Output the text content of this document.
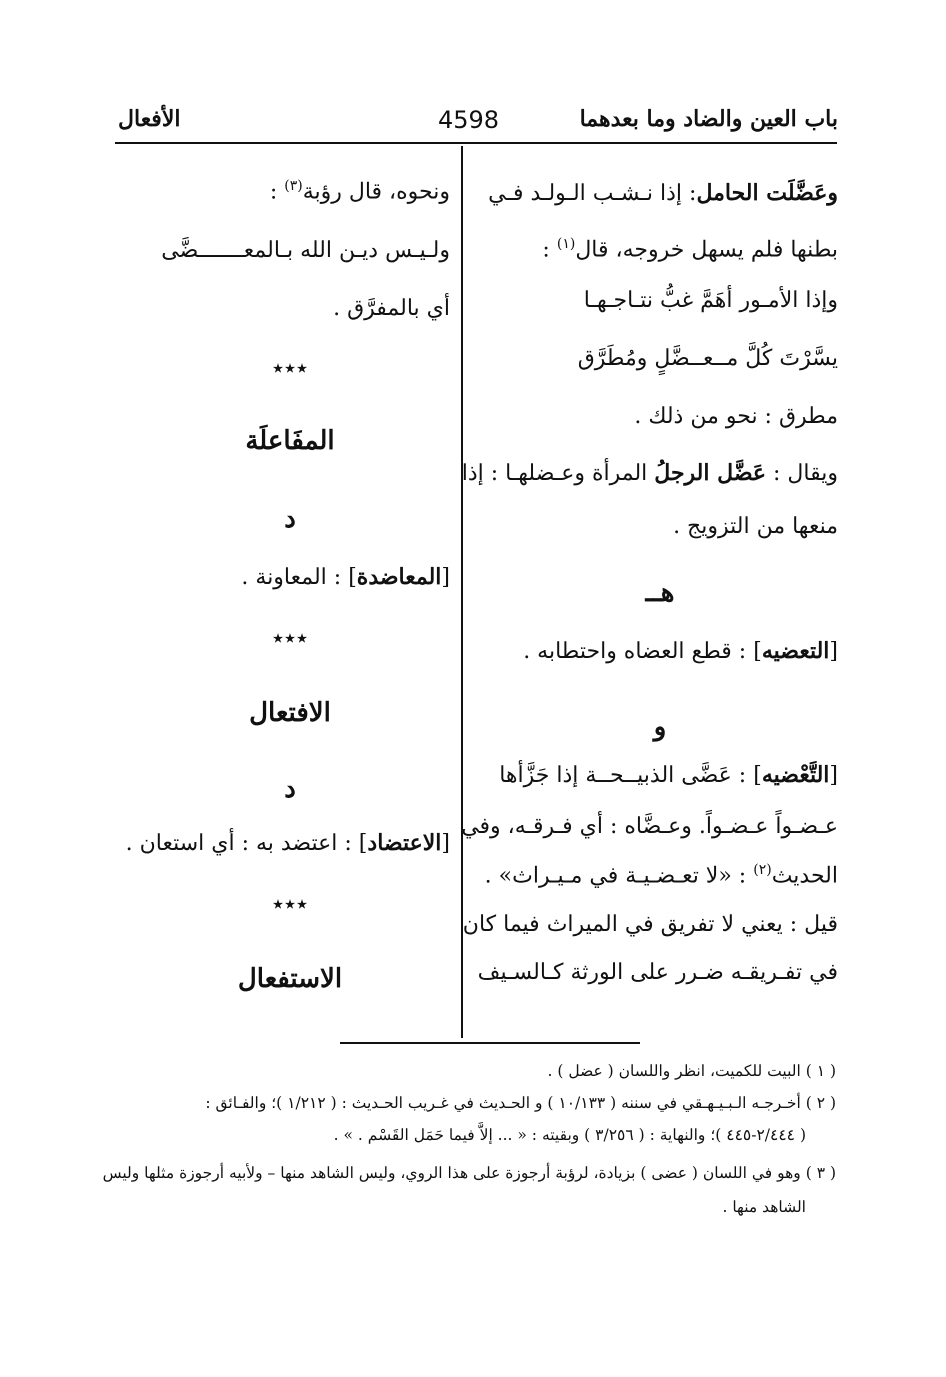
باب العين والضاد وما بعدهما
4598
الأفعال
وعَضَّلَت الحامل: إذا نـشـب الـولـد فـي
بطنها فلم يسهل خروجه، قال$^{(١)}$ :
وإذا الأمـور أهَمَّ غبُّ نتـاجـهـا
يسَّرْتَ كُلَّ مــعــضَّلٍ ومُطَرَّق
مطرق : نحو من ذلك .
ويقال : عَضَّل الرجلُ المرأة وعـضلهـا : إذا
منعها من التزويج .
هــ
[التعضيه] : قطع العضاه واحتطابه .
و
[التَّعْضيه] : عَضَّى الذبيــحــة إذا جَزَّأها
عـضـواً عـضـواً. وعـضَّاه : أي فـرقـه، وفي
الحديث$^{(٢)}$ : «لا تعـضـيـة في مـيـراث» .
قيل : يعني لا تفريق في الميراث فيما كان
في تفـريقـه ضـرر على الورثة كـالسـيف
ونحوه، قال رؤبة$^{(٣)}$ :
ولـيـس ديـن الله بـالمعـــــــضَّى
أي بالمفرَّق .
٭٭٭
المفَاعلَة
د
[المعاضدة] : المعاونة .
٭٭٭
الافتعال
د
[الاعتضاد] : اعتضد به : أي استعان .
٭٭٭
الاستفعال
( ١ ) البيت للكميت، انظر واللسان ( عضل ) .
( ٢ ) أخـرجـه الـبـيـهـقي في سننه ( ١٠/١٣٣ ) و الحـديث في غـريب الحـديث : ( ١/٢١٢ )؛ والفـائق :
( ٢/٤٤٤-٤٤٥ )؛ والنهاية : ( ٣/٢٥٦ ) وبقيته : « ... إلاَّ فيما حَمَل القَسْم . » .
( ٣ ) وهو في اللسان ( عضى ) بزيادة، لرؤبة أرجوزة على هذا الروي، وليس الشاهد منها – ولأبيه أرجوزة مثلها وليس
الشاهد منها .
